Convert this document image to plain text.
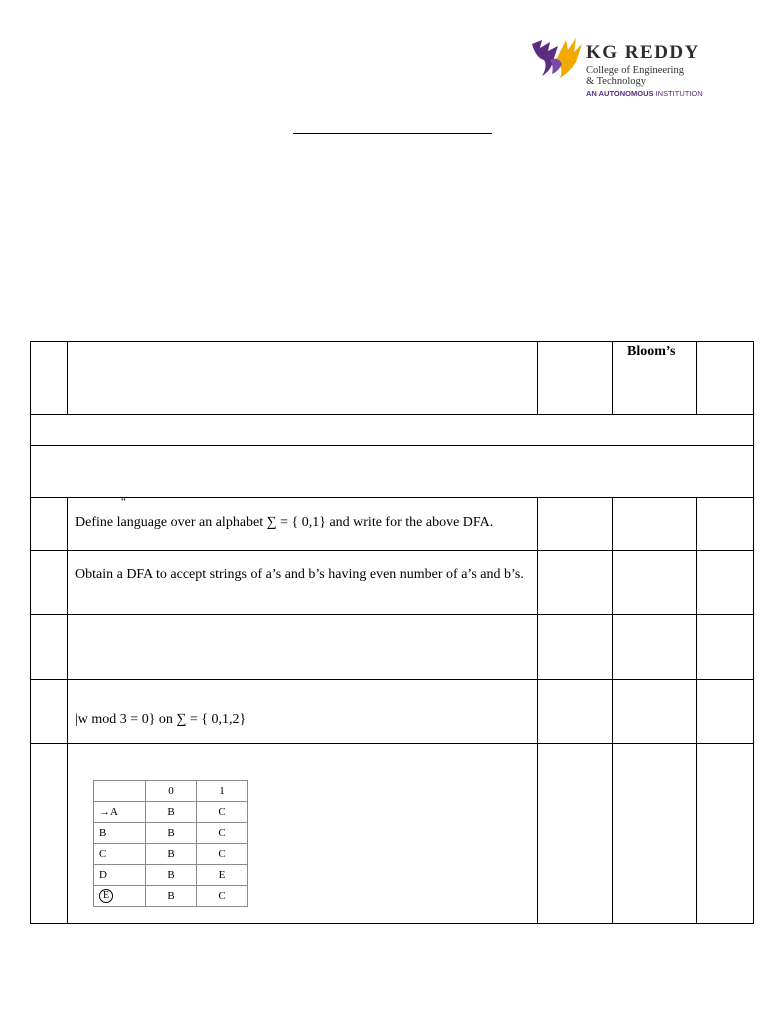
KG REDDY
College of Engineering
& Technology
AN AUTONOMOUS INSTITUTION
Bloom’s
“
Define language over an alphabet ∑ = { 0,1} and write for the above DFA.
Obtain a DFA to accept strings of a’s and b’s having even number of a’s and b’s.
|w mod 3 = 0} on ∑ = { 0,1,2}
	0	1
→A	B	C
B	B	C
C	B	C
D	B	E
E	B	C
